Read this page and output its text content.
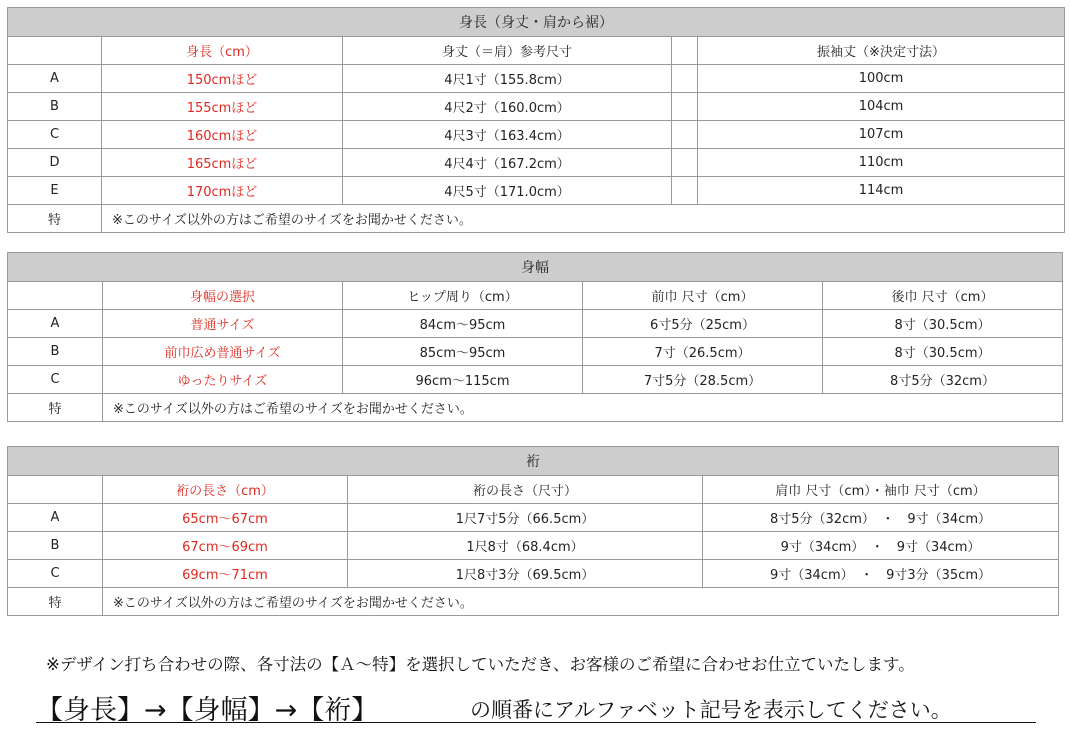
身長（身丈・肩から裾）				
	身長（cm）	身丈（＝肩）参考尺寸		振袖丈（※決定寸法）
A	150cmほど	4尺1寸（155.8cm）		100cm
B	155cmほど	4尺2寸（160.0cm）		104cm
C	160cmほど	4尺3寸（163.4cm）		107cm
D	165cmほど	4尺4寸（167.2cm）		110cm
E	170cmほど	4尺5寸（171.0cm）		114cm
特	※このサイズ以外の方はご希望のサイズをお聞かせください。			
身幅				
	身幅の選択	ヒップ周り（cm）	前巾 尺寸（cm）	後巾 尺寸（cm）
A	普通サイズ	84cm〜95cm	6寸5分（25cm）	8寸（30.5cm）
B	前巾広め普通サイズ	85cm〜95cm	7寸（26.5cm）	8寸（30.5cm）
C	ゆったりサイズ	96cm〜115cm	7寸5分（28.5cm）	8寸5分（32cm）
特	※このサイズ以外の方はご希望のサイズをお聞かせください。			
裄			
	裄の長さ（cm）	裄の長さ（尺寸）	肩巾 尺寸（cm）・袖巾 尺寸（cm）
A	65cm〜67cm	1尺7寸5分（66.5cm）	8寸5分（32cm）　・　9寸（34cm）
B	67cm〜69cm	1尺8寸（68.4cm）	9寸（34cm）　・　9寸（34cm）
C	69cm〜71cm	1尺8寸3分（69.5cm）	9寸（34cm）　・　9寸3分（35cm）
特	※このサイズ以外の方はご希望のサイズをお聞かせください。		
※デザイン打ち合わせの際、各寸法の【Ａ〜特】を選択していただき、お客様のご希望に合わせお仕立ていたします。
【身長】→【身幅】→【裄】	の順番にアルファベット記号を表示してください。
